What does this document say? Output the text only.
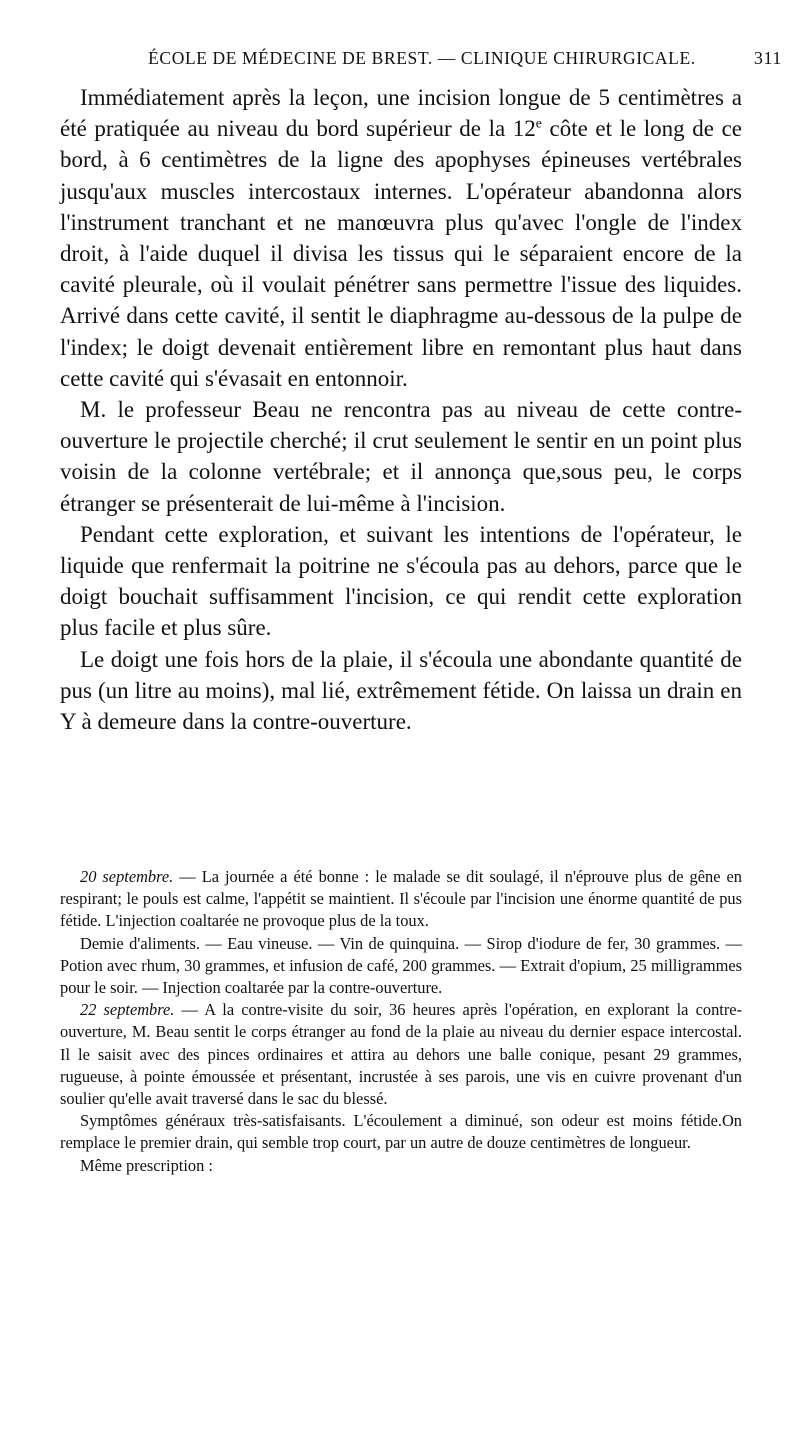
ÉCOLE DE MÉDECINE DE BREST. — CLINIQUE CHIRURGICALE.	311

Immédiatement après la leçon, une incision longue de 5 centimètres a été pratiquée au niveau du bord supérieur de la 12e côte et le long de ce bord, à 6 centimètres de la ligne des apophyses épineuses vertébrales jusqu'aux muscles intercostaux internes. L'opérateur abandonna alors l'instrument tranchant et ne manœuvra plus qu'avec l'ongle de l'index droit, à l'aide duquel il divisa les tissus qui le séparaient encore de la cavité pleurale, où il voulait pénétrer sans permettre l'issue des liquides. Arrivé dans cette cavité, il sentit le diaphragme au-dessous de la pulpe de l'index; le doigt devenait entièrement libre en remontant plus haut dans cette cavité qui s'évasait en entonnoir.

M. le professeur Beau ne rencontra pas au niveau de cette contre-ouverture le projectile cherché; il crut seulement le sentir en un point plus voisin de la colonne vertébrale; et il annonça que,sous peu, le corps étranger se présenterait de lui-même à l'incision.

Pendant cette exploration, et suivant les intentions de l'opérateur, le liquide que renfermait la poitrine ne s'écoula pas au dehors, parce que le doigt bouchait suffisamment l'incision, ce qui rendit cette exploration plus facile et plus sûre.

Le doigt une fois hors de la plaie, il s'écoula une abondante quantité de pus (un litre au moins), mal lié, extrêmement fétide. On laissa un drain en Y à demeure dans la contre-ouverture.

20 septembre. — La journée a été bonne : le malade se dit soulagé, il n'éprouve plus de gêne en respirant; le pouls est calme, l'appétit se maintient. Il s'écoule par l'incision une énorme quantité de pus fétide. L'injection coaltarée ne provoque plus de la toux.

Demie d'aliments. — Eau vineuse. — Vin de quinquina. — Sirop d'iodure de fer, 30 grammes. — Potion avec rhum, 30 grammes, et infusion de café, 200 grammes. — Extrait d'opium, 25 milligrammes pour le soir. — Injection coaltarée par la contre-ouverture.

22 septembre. — A la contre-visite du soir, 36 heures après l'opération, en explorant la contre-ouverture, M. Beau sentit le corps étranger au fond de la plaie au niveau du dernier espace intercostal. Il le saisit avec des pinces ordinaires et attira au dehors une balle conique, pesant 29 grammes, rugueuse, à pointe émoussée et présentant, incrustée à ses parois, une vis en cuivre provenant d'un soulier qu'elle avait traversé dans le sac du blessé.

Symptômes généraux très-satisfaisants. L'écoulement a diminué, son odeur est moins fétide.On remplace le premier drain, qui semble trop court, par un autre de douze centimètres de longueur.

Même prescription :
